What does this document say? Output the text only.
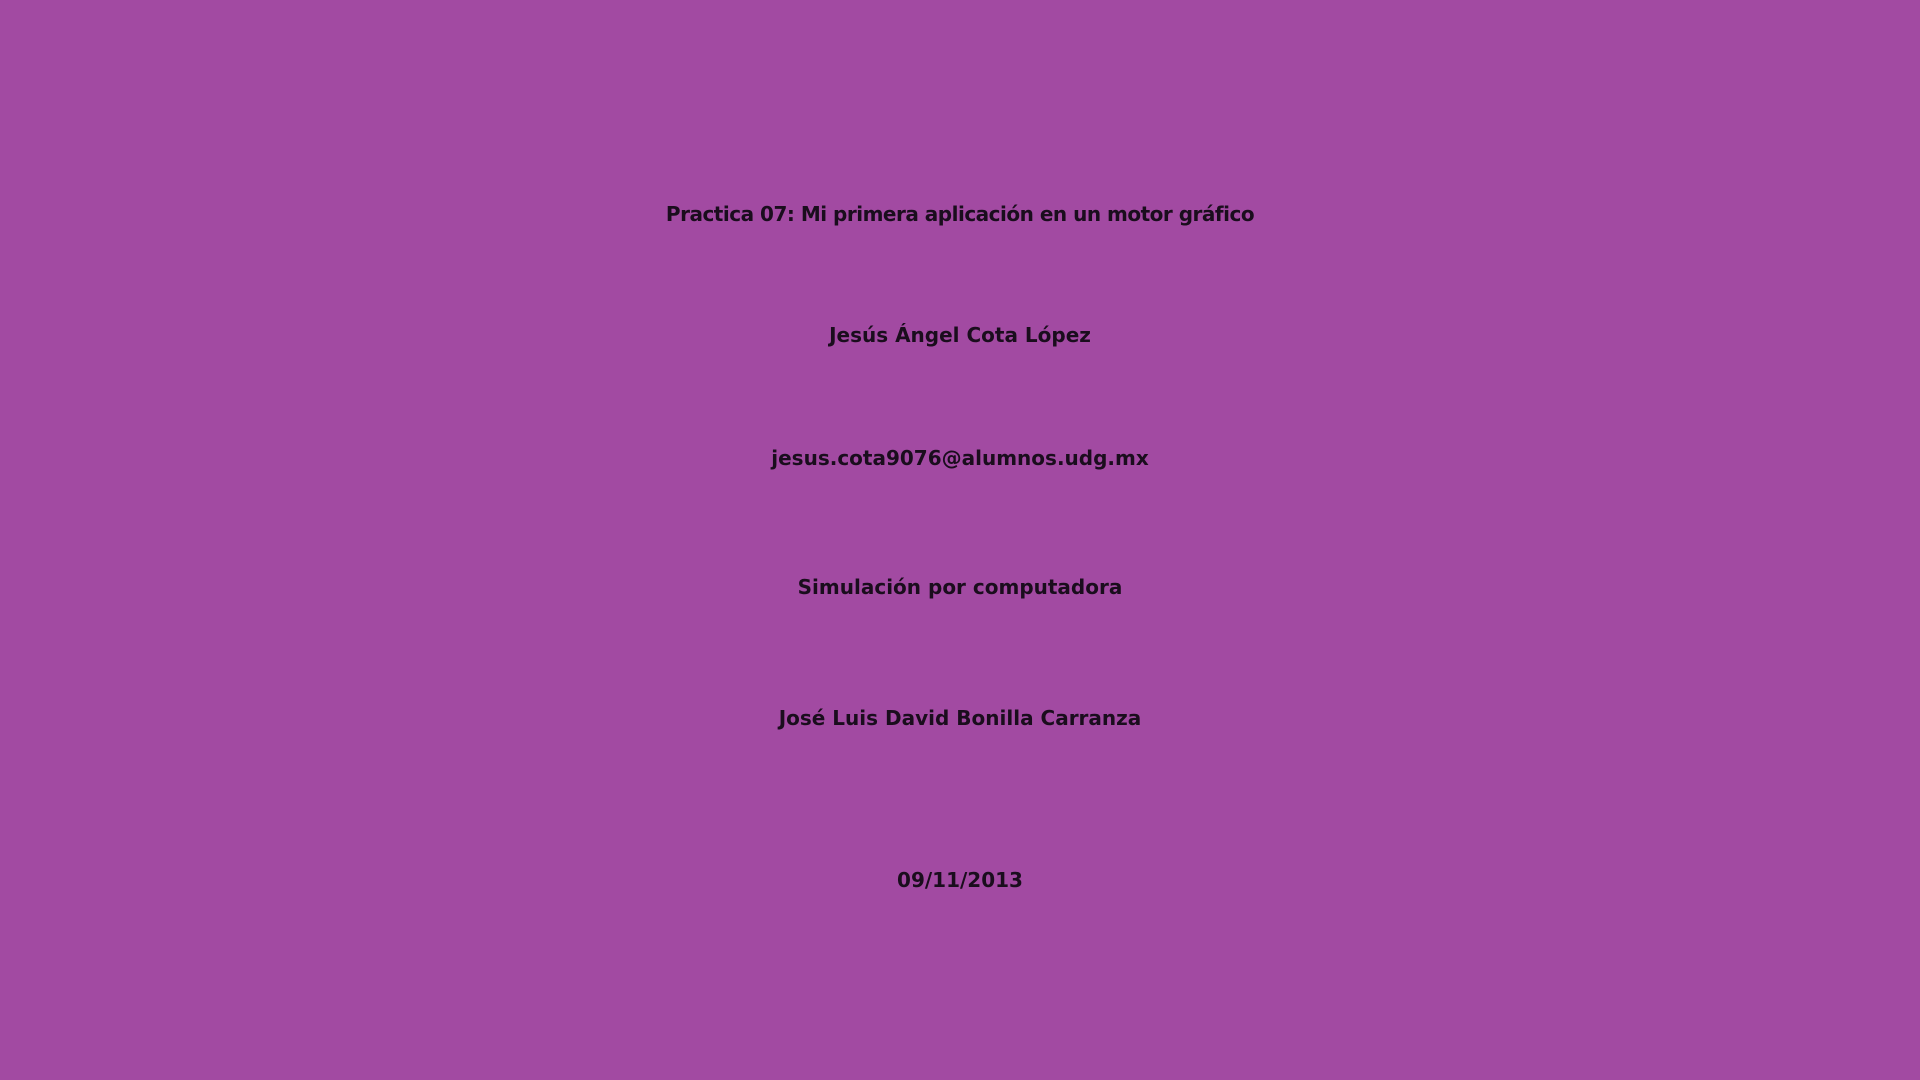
Practica 07: Mi primera aplicación en un motor gráfico
Jesús Ángel Cota López
jesus.cota9076@alumnos.udg.mx
Simulación por computadora
José Luis David Bonilla Carranza
09/11/2013
